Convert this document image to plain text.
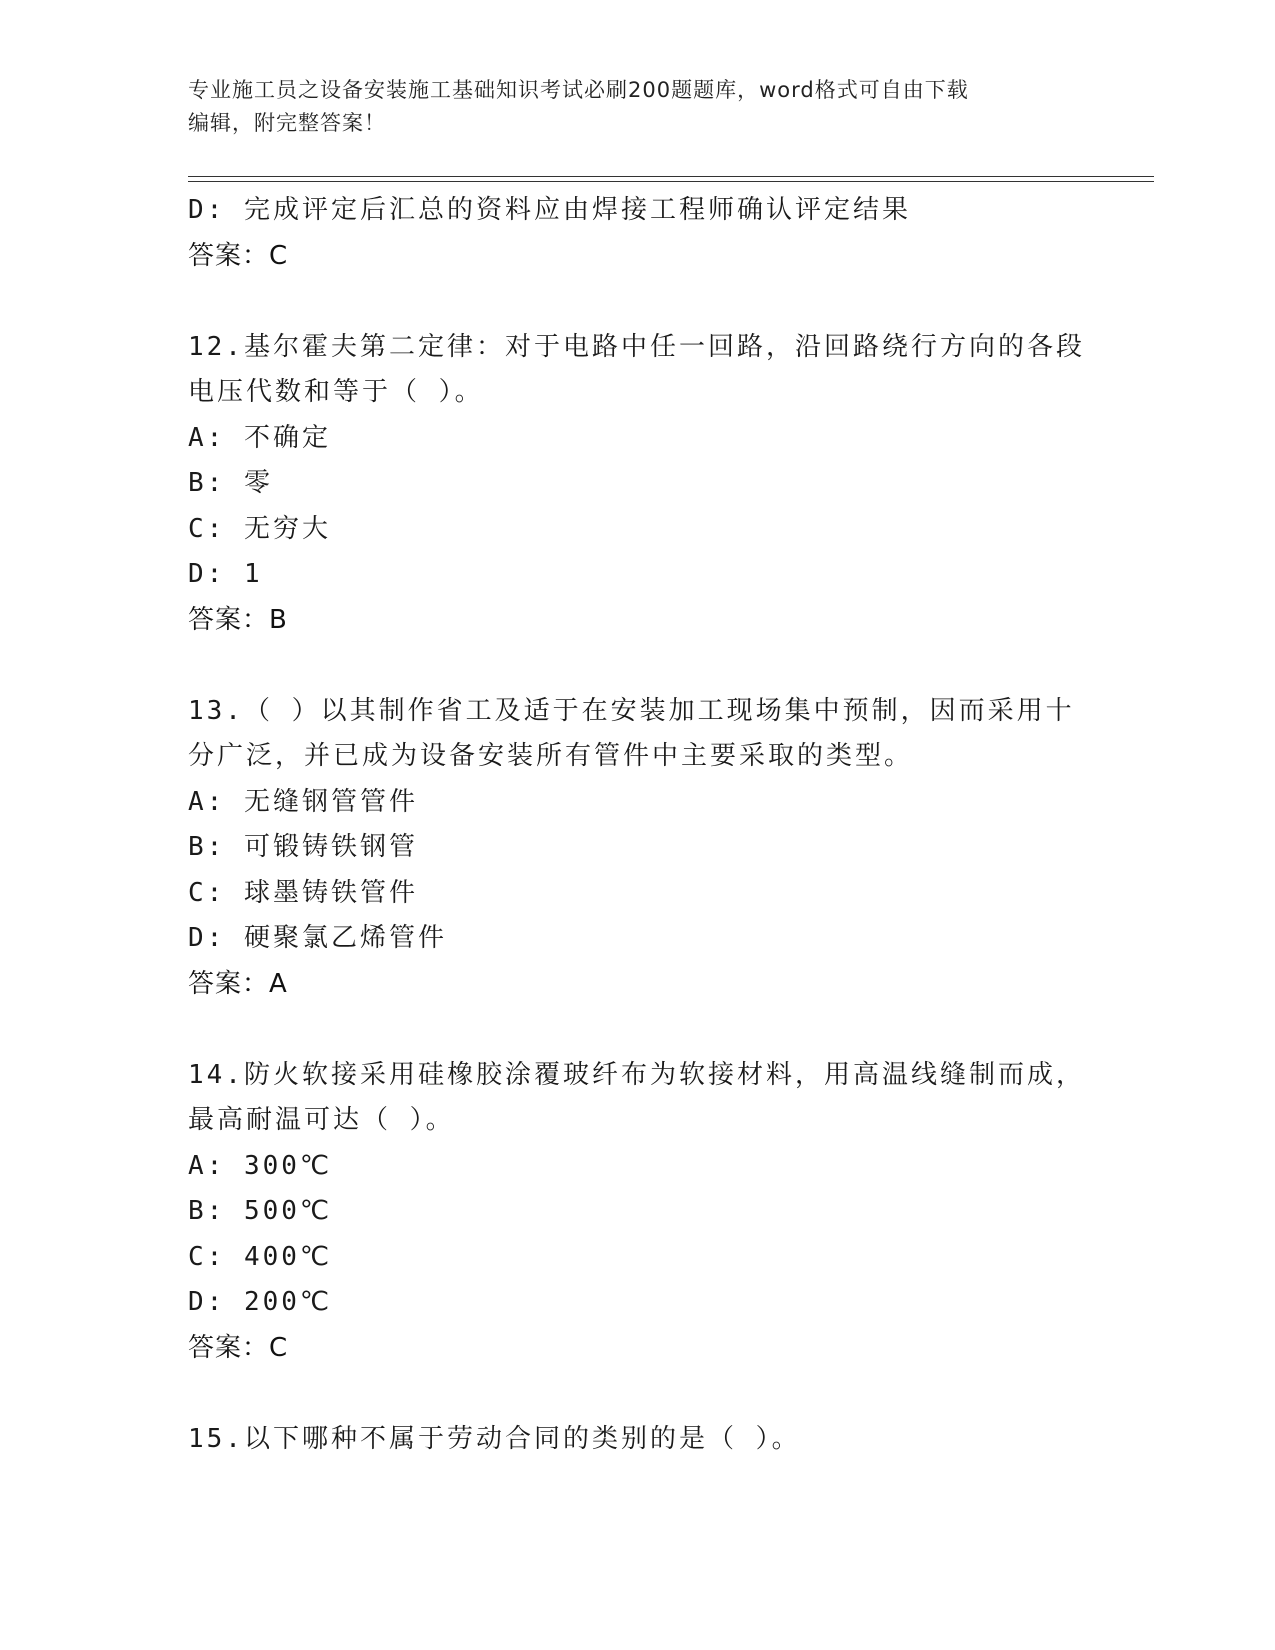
专业施工员之设备安装施工基础知识考试必刷200题题库，word格式可自由下载
编辑，附完整答案！
D: 完成评定后汇总的资料应由焊接工程师确认评定结果
答案：C
12.基尔霍夫第二定律：对于电路中任一回路，沿回路绕行方向的各段
电压代数和等于（ ）。
A: 不确定
B: 零
C: 无穷大
D: 1
答案：B
13.（ ）以其制作省工及适于在安装加工现场集中预制，因而采用十
分广泛，并已成为设备安装所有管件中主要采取的类型。
A: 无缝钢管管件
B: 可锻铸铁钢管
C: 球墨铸铁管件
D: 硬聚氯乙烯管件
答案：A
14.防火软接采用硅橡胶涂覆玻纤布为软接材料，用高温线缝制而成，
最高耐温可达（ ）。
A: 300℃
B: 500℃
C: 400℃
D: 200℃
答案：C
15.以下哪种不属于劳动合同的类别的是（ ）。
